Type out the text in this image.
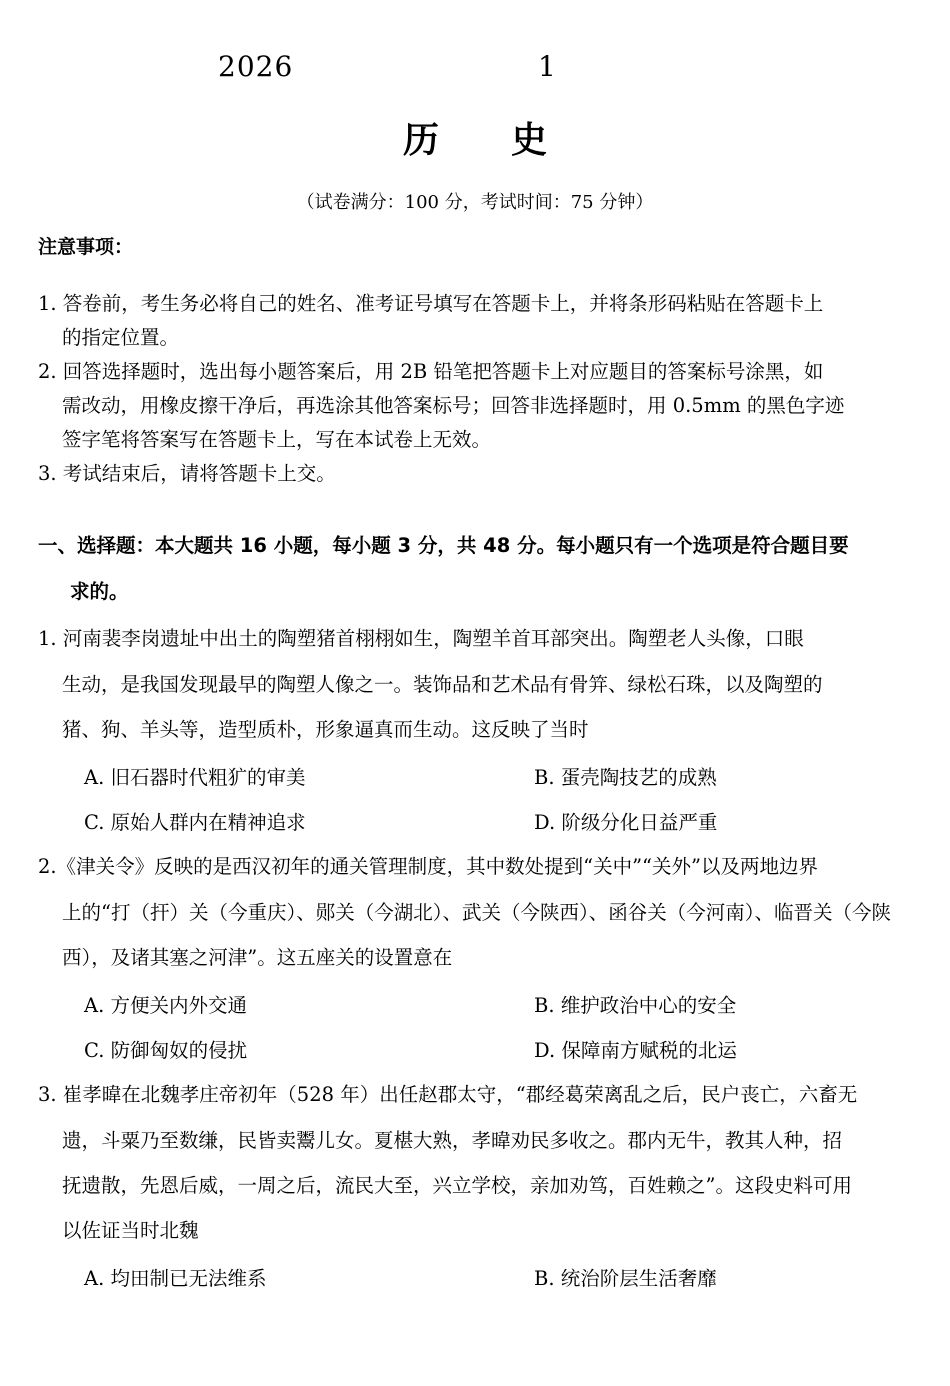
2026	1
历 史
（试卷满分：100 分，考试时间：75 分钟）
注意事项：
1. 答卷前，考生务必将自己的姓名、准考证号填写在答题卡上，并将条形码粘贴在答题卡上
的指定位置。
2. 回答选择题时，选出每小题答案后，用 2B 铅笔把答题卡上对应题目的答案标号涂黑，如
需改动，用橡皮擦干净后，再选涂其他答案标号；回答非选择题时，用 0.5mm 的黑色字迹
签字笔将答案写在答题卡上，写在本试卷上无效。
3. 考试结束后，请将答题卡上交。
一、选择题：本大题共 16 小题，每小题 3 分，共 48 分。每小题只有一个选项是符合题目要
求的。
1. 河南裴李岗遗址中出土的陶塑猪首栩栩如生，陶塑羊首耳部突出。陶塑老人头像，口眼
生动，是我国发现最早的陶塑人像之一。装饰品和艺术品有骨笄、绿松石珠，以及陶塑的
猪、狗、羊头等，造型质朴，形象逼真而生动。这反映了当时
A. 旧石器时代粗犷的审美	B. 蛋壳陶技艺的成熟
C. 原始人群内在精神追求	D. 阶级分化日益严重
2.《津关令》反映的是西汉初年的通关管理制度，其中数处提到“关中”“关外”以及两地边界
上的“打（扞）关（今重庆）、郧关（今湖北）、武关（今陕西）、函谷关（今河南）、临晋关（今陕
西），及诸其塞之河津”。这五座关的设置意在
A. 方便关内外交通	B. 维护政治中心的安全
C. 防御匈奴的侵扰	D. 保障南方赋税的北运
3. 崔孝暐在北魏孝庄帝初年（528 年）出任赵郡太守，“郡经葛荣离乱之后，民户丧亡，六畜无
遗，斗粟乃至数缣，民皆卖鬻儿女。夏椹大熟，孝暐劝民多收之。郡内无牛，教其人种，招
抚遗散，先恩后威，一周之后，流民大至，兴立学校，亲加劝笃，百姓赖之”。这段史料可用
以佐证当时北魏
A. 均田制已无法维系	B. 统治阶层生活奢靡
